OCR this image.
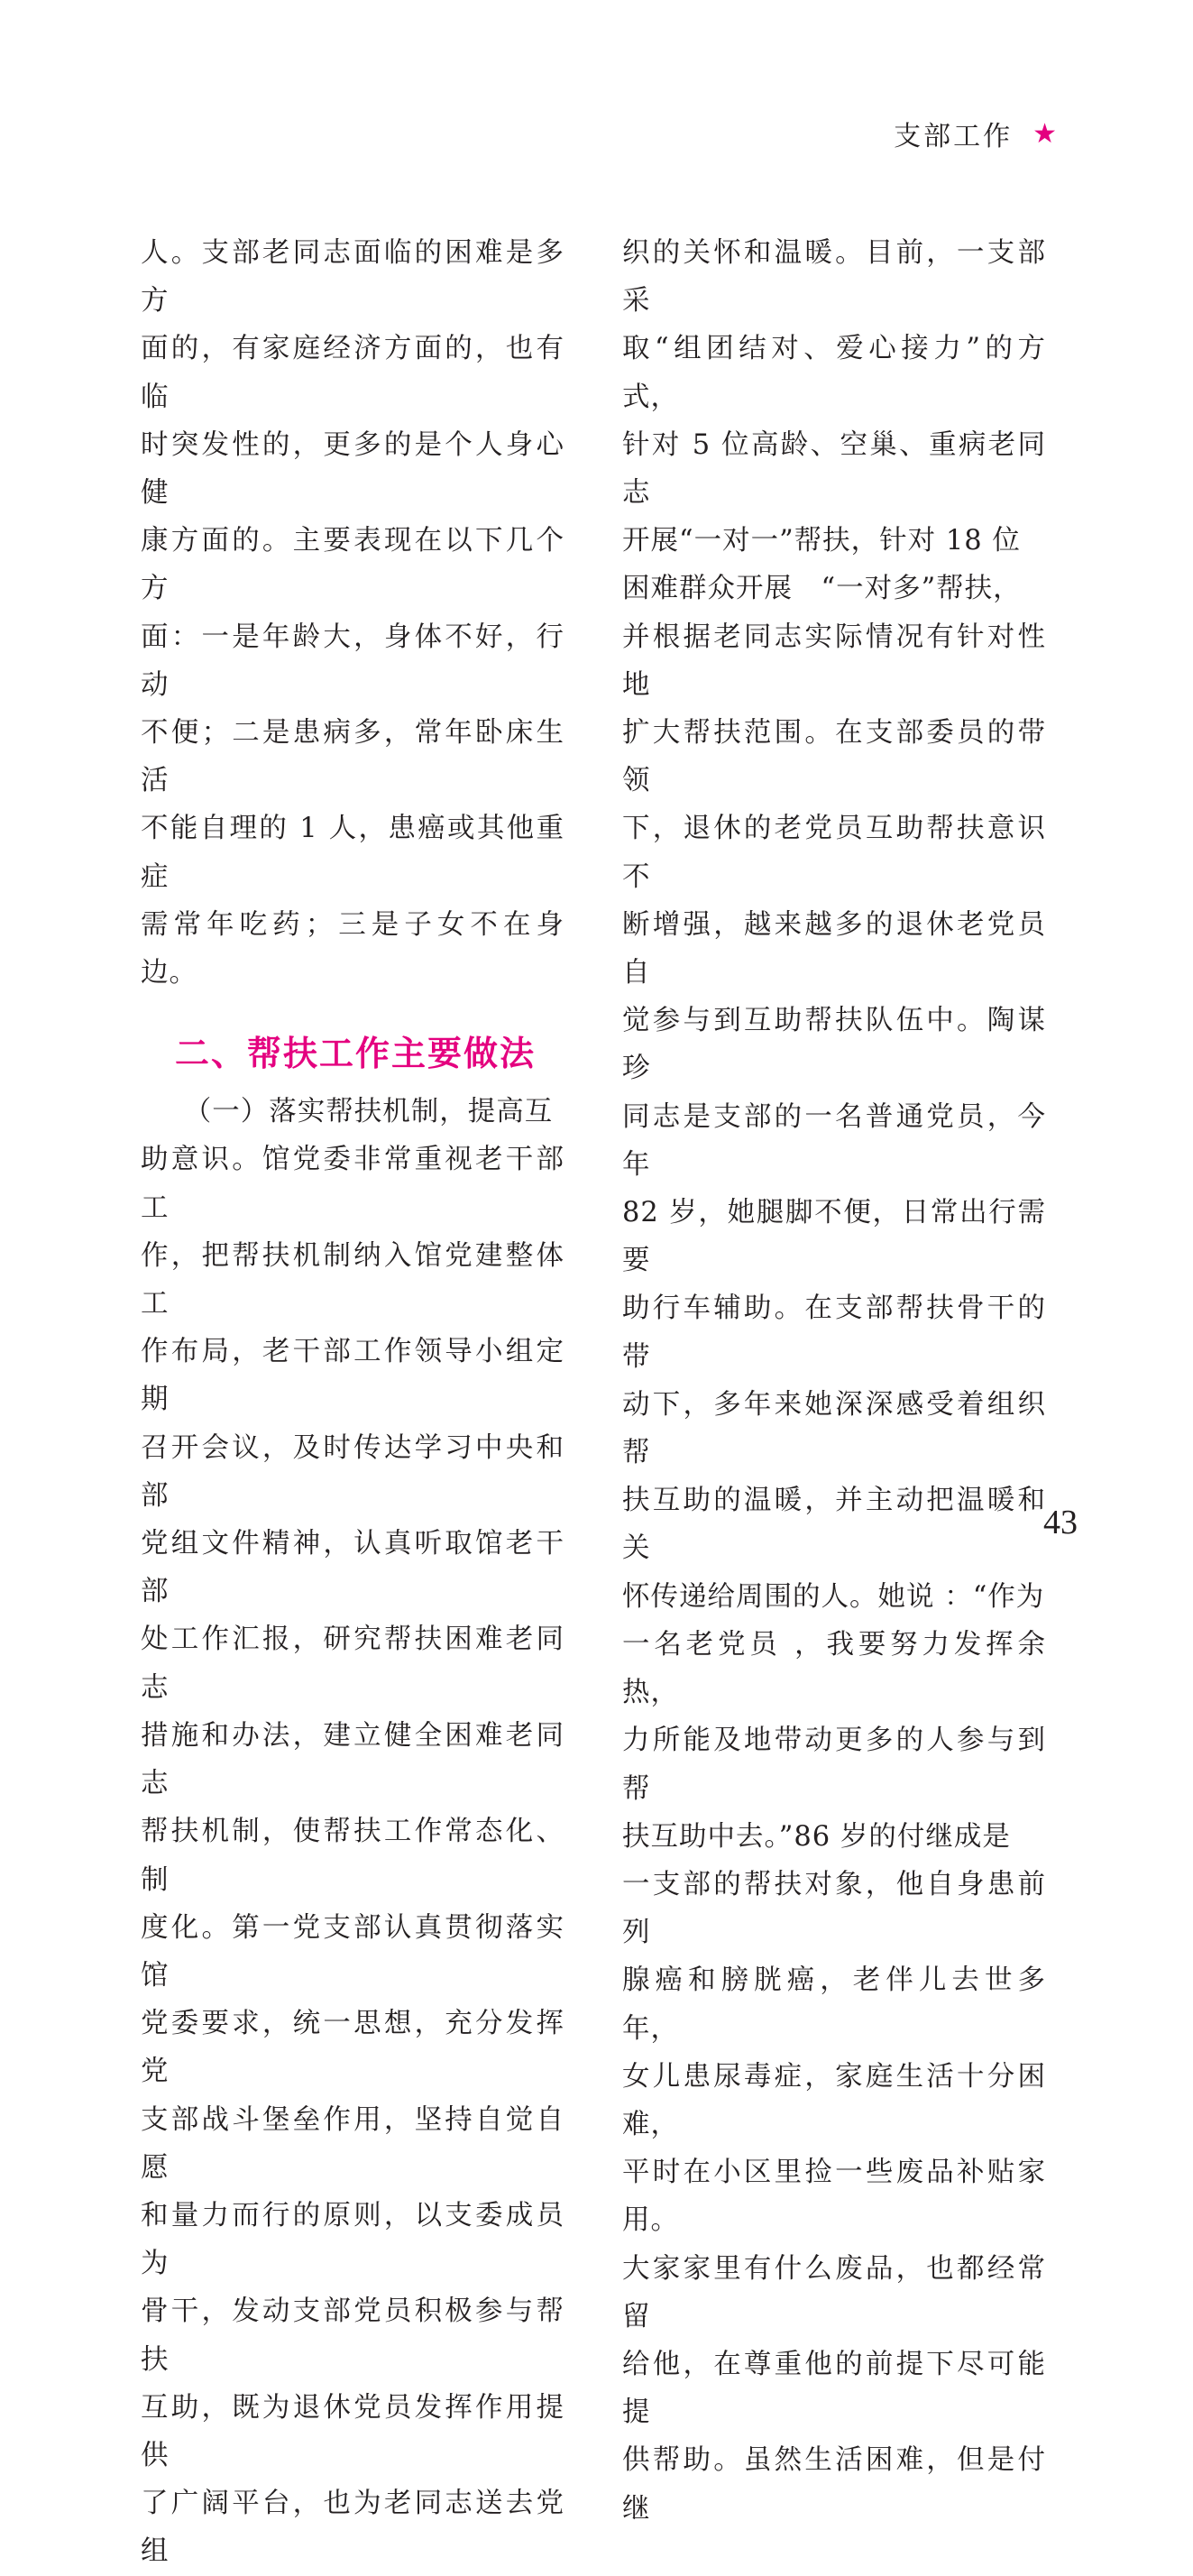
支部工作 ★

人。支部老同志面临的困难是多方
面的，有家庭经济方面的，也有临
时突发性的，更多的是个人身心健
康方面的。主要表现在以下几个方
面：一是年龄大，身体不好，行动
不便；二是患病多，常年卧床生活
不能自理的 1 人，患癌或其他重症
需常年吃药；三是子女不在身边。

二、帮扶工作主要做法

　　（一）落实帮扶机制，提高互
助意识。馆党委非常重视老干部工
作，把帮扶机制纳入馆党建整体工
作布局，老干部工作领导小组定期
召开会议，及时传达学习中央和部
党组文件精神，认真听取馆老干部
处工作汇报，研究帮扶困难老同志
措施和办法，建立健全困难老同志
帮扶机制，使帮扶工作常态化、制
度化。第一党支部认真贯彻落实馆
党委要求，统一思想，充分发挥党
支部战斗堡垒作用，坚持自觉自愿
和量力而行的原则，以支委成员为
骨干，发动支部党员积极参与帮扶
互助，既为退休党员发挥作用提供
了广阔平台，也为老同志送去党组

织的关怀和温暖。目前，一支部采
取“组团结对、爱心接力”的方式，
针对 5 位高龄、空巢、重病老同志
开展“一对一”帮扶，针对 18 位
困难群众开展　“一对多”帮扶，
并根据老同志实际情况有针对性地
扩大帮扶范围。在支部委员的带领
下，退休的老党员互助帮扶意识不
断增强，越来越多的退休老党员自
觉参与到互助帮扶队伍中。陶谋珍
同志是支部的一名普通党员，今年
82 岁，她腿脚不便，日常出行需要
助行车辅助。在支部帮扶骨干的带
动下，多年来她深深感受着组织帮
扶互助的温暖，并主动把温暖和关
怀传递给周围的人。她说 ：“作为
一名老党员 ，我要努力发挥余热，
力所能及地带动更多的人参与到帮
扶互助中去。”86 岁的付继成是
一支部的帮扶对象，他自身患前列
腺癌和膀胱癌，老伴儿去世多年，
女儿患尿毒症，家庭生活十分困难，
平时在小区里捡一些废品补贴家用。
大家家里有什么废品，也都经常留
给他，在尊重他的前提下尽可能提
供帮助。虽然生活困难，但是付继

43
